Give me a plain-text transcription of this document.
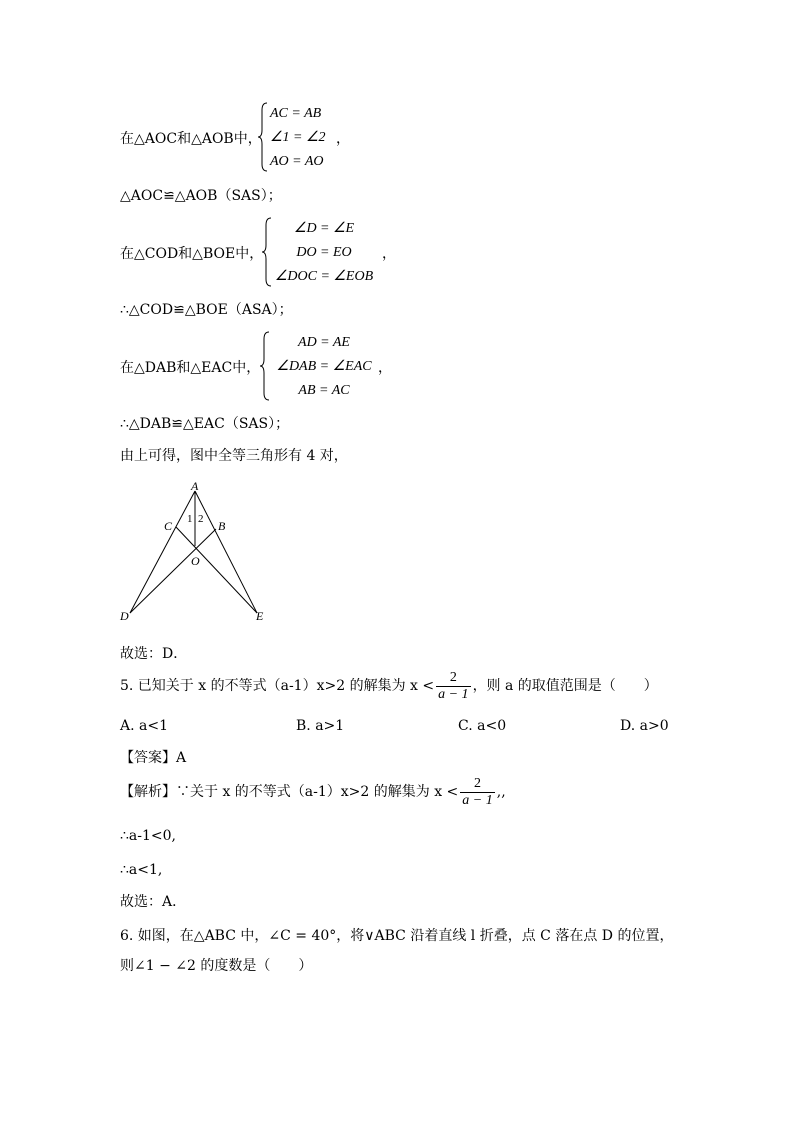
在△AOC和△AOB中，
AC = AB
∠1 = ∠2
AO = AO
，
△AOC≌△AOB（SAS）；
在△COD和△BOE中，
∠D = ∠E
DO = EO
∠DOC = ∠EOB
，
∴△COD≌△BOE（ASA）；
在△DAB和△EAC中，
AD = AE
∠DAB = ∠EAC
AB = AC
，
∴△DAB≌△EAC（SAS）；
由上可得，图中全等三角形有 4 对，
A
C	B
O
D	E
1 2
故选：D．
5. 已知关于 x 的不等式（a-1）x>2 的解集为 $x < \frac{2}{a - 1}$ ，则 a 的取值范围是（　　）
A. a<1	B. a>1	C. a<0	D. a>0
【答案】A
【解析】∵关于 x 的不等式（a-1）x>2 的解集为 $x < \frac{2}{a - 1}$ ,,
∴a-1<0,
∴a<1,
故选：A．
6. 如图，在△ABC 中，∠C = 40°，将∨ABC 沿着直线 l 折叠，点 C 落在点 D 的位置，
则∠1 − ∠2 的度数是（　　）
